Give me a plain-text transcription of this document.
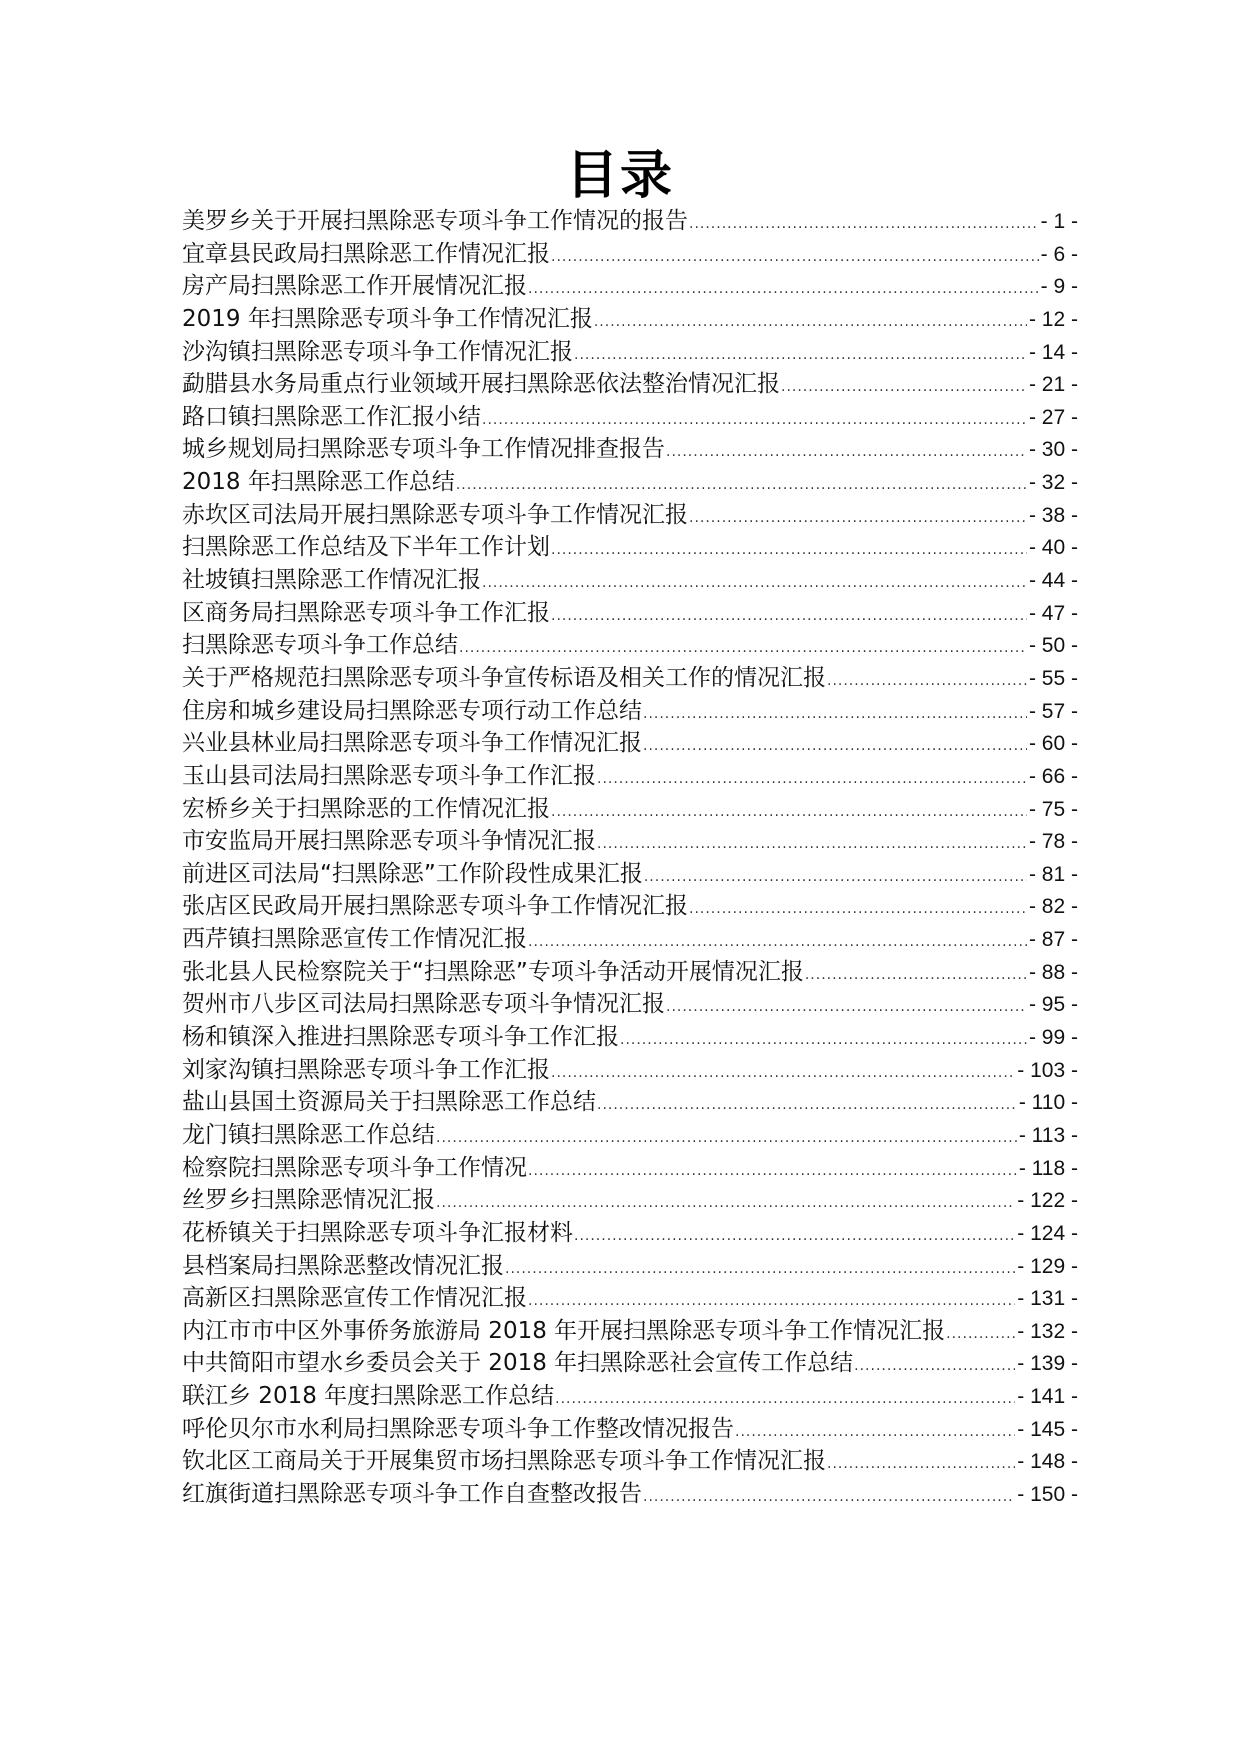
目录
美罗乡关于开展扫黑除恶专项斗争工作情况的报告 .....	- 1 -
宜章县民政局扫黑除恶工作情况汇报 .....	- 6 -
房产局扫黑除恶工作开展情况汇报 .....	- 9 -
2019 年扫黑除恶专项斗争工作情况汇报 .....	- 12 -
沙沟镇扫黑除恶专项斗争工作情况汇报 .....	- 14 -
勐腊县水务局重点行业领域开展扫黑除恶依法整治情况汇报 .....	- 21 -
路口镇扫黑除恶工作汇报小结 .....	- 27 -
城乡规划局扫黑除恶专项斗争工作情况排查报告 .....	- 30 -
2018 年扫黑除恶工作总结 .....	- 32 -
赤坎区司法局开展扫黑除恶专项斗争工作情况汇报 .....	- 38 -
扫黑除恶工作总结及下半年工作计划 .....	- 40 -
社坡镇扫黑除恶工作情况汇报 .....	- 44 -
区商务局扫黑除恶专项斗争工作汇报 .....	- 47 -
扫黑除恶专项斗争工作总结 .....	- 50 -
关于严格规范扫黑除恶专项斗争宣传标语及相关工作的情况汇报 .....	- 55 -
住房和城乡建设局扫黑除恶专项行动工作总结 .....	- 57 -
兴业县林业局扫黑除恶专项斗争工作情况汇报 .....	- 60 -
玉山县司法局扫黑除恶专项斗争工作汇报 .....	- 66 -
宏桥乡关于扫黑除恶的工作情况汇报 .....	- 75 -
市安监局开展扫黑除恶专项斗争情况汇报 .....	- 78 -
前进区司法局“扫黑除恶”工作阶段性成果汇报 .....	- 81 -
张店区民政局开展扫黑除恶专项斗争工作情况汇报 .....	- 82 -
西芹镇扫黑除恶宣传工作情况汇报 .....	- 87 -
张北县人民检察院关于“扫黑除恶”专项斗争活动开展情况汇报 .....	- 88 -
贺州市八步区司法局扫黑除恶专项斗争情况汇报 .....	- 95 -
杨和镇深入推进扫黑除恶专项斗争工作汇报 .....	- 99 -
刘家沟镇扫黑除恶专项斗争工作汇报 .....	- 103 -
盐山县国土资源局关于扫黑除恶工作总结 .....	- 110 -
龙门镇扫黑除恶工作总结 .....	- 113 -
检察院扫黑除恶专项斗争工作情况 .....	- 118 -
丝罗乡扫黑除恶情况汇报 .....	- 122 -
花桥镇关于扫黑除恶专项斗争汇报材料 .....	- 124 -
县档案局扫黑除恶整改情况汇报 .....	- 129 -
高新区扫黑除恶宣传工作情况汇报 .....	- 131 -
内江市市中区外事侨务旅游局 2018 年开展扫黑除恶专项斗争工作情况汇报 .....	- 132 -
中共简阳市望水乡委员会关于 2018 年扫黑除恶社会宣传工作总结 .....	- 139 -
联江乡 2018 年度扫黑除恶工作总结 .....	- 141 -
呼伦贝尔市水利局扫黑除恶专项斗争工作整改情况报告 .....	- 145 -
钦北区工商局关于开展集贸市场扫黑除恶专项斗争工作情况汇报 .....	- 148 -
红旗街道扫黑除恶专项斗争工作自查整改报告 .....	- 150 -
